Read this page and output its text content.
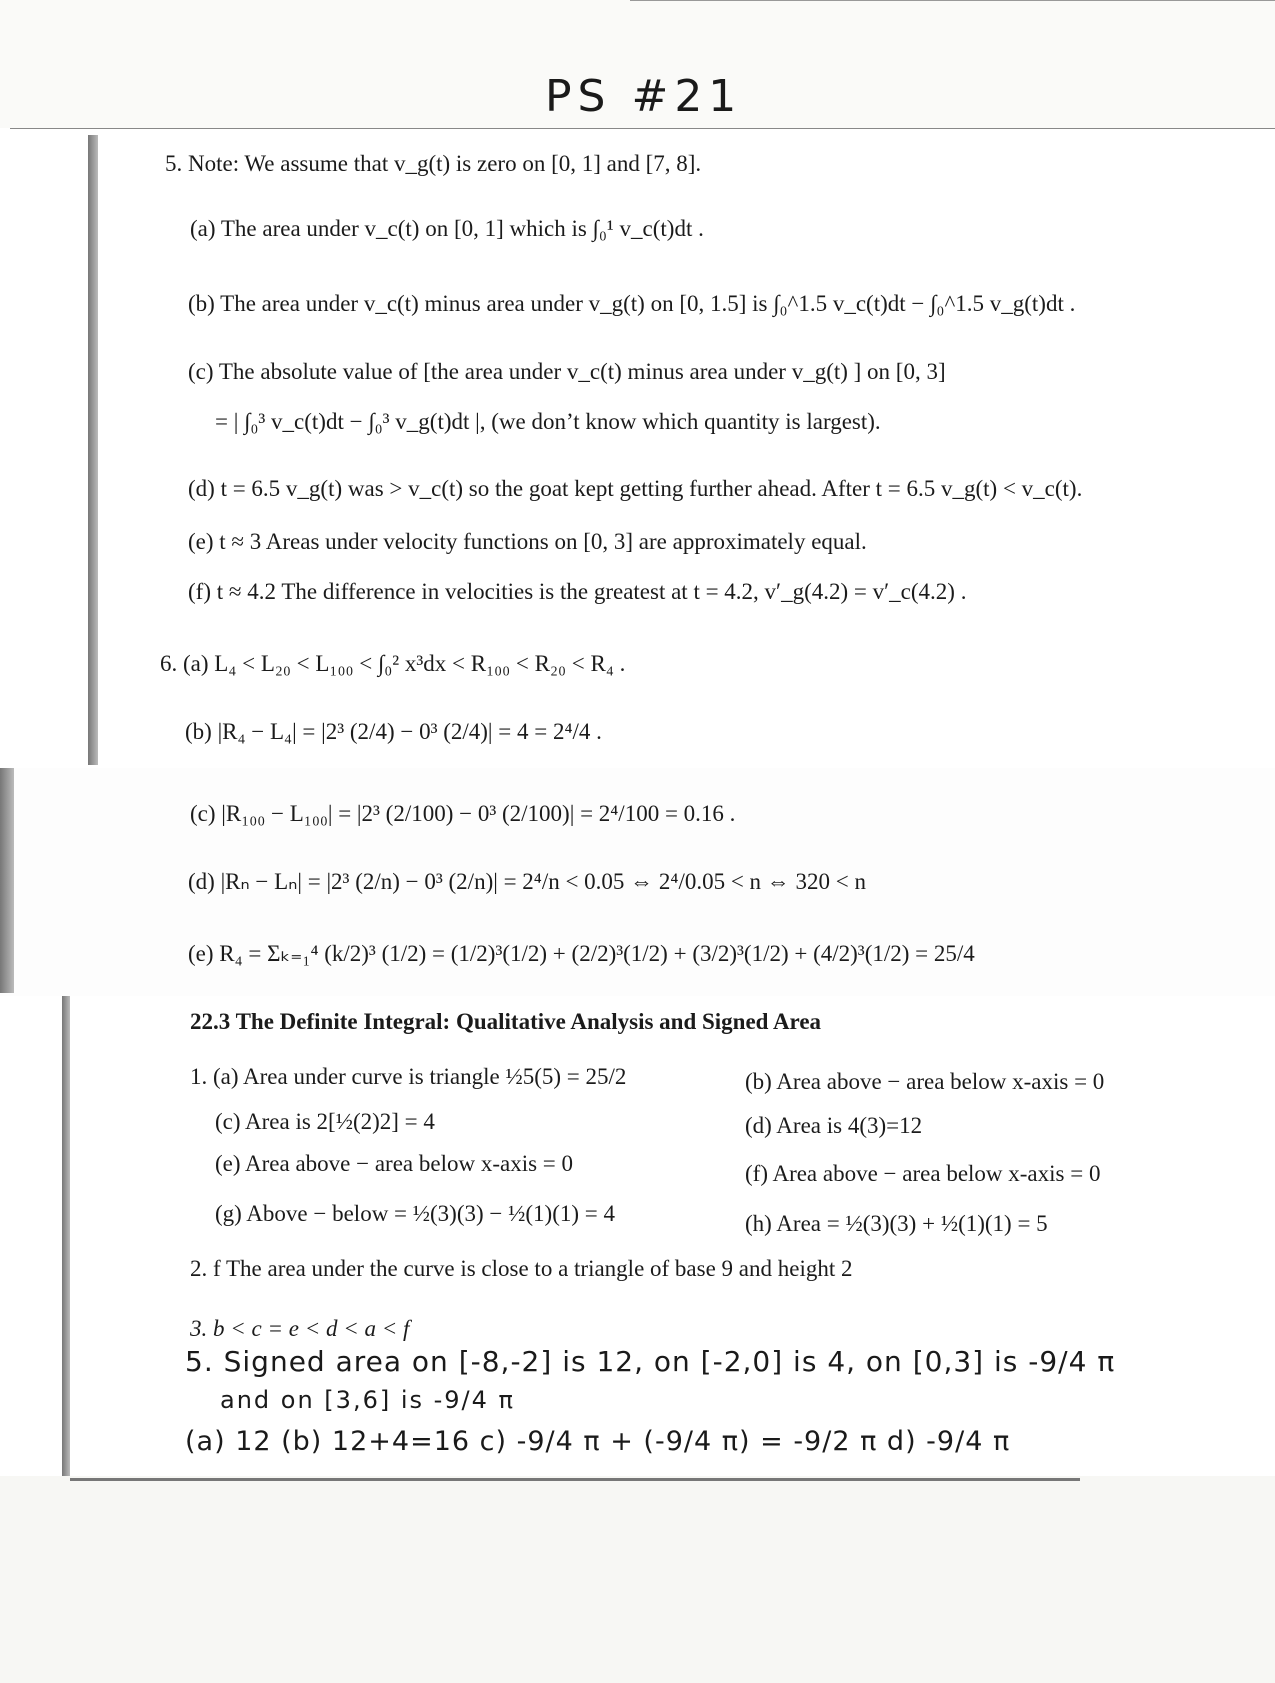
PS #21
5. Note: We assume that v_g(t) is zero on [0, 1] and [7, 8].
(a) The area under v_c(t) on [0, 1] which is ∫₀¹ v_c(t)dt .
(b) The area under v_c(t) minus area under v_g(t) on [0, 1.5] is ∫₀^1.5 v_c(t)dt − ∫₀^1.5 v_g(t)dt .
(c) The absolute value of [the area under v_c(t) minus area under v_g(t) ] on [0, 3]
= | ∫₀³ v_c(t)dt − ∫₀³ v_g(t)dt |, (we don’t know which quantity is largest).
(d) t = 6.5 v_g(t) was > v_c(t) so the goat kept getting further ahead. After t = 6.5 v_g(t) < v_c(t).
(e) t ≈ 3 Areas under velocity functions on [0, 3] are approximately equal.
(f) t ≈ 4.2 The difference in velocities is the greatest at t = 4.2, v′_g(4.2) = v′_c(4.2) .
6. (a) L₄ < L₂₀ < L₁₀₀ < ∫₀² x³dx < R₁₀₀ < R₂₀ < R₄ .
(b) |R₄ − L₄| = |2³ (2/4) − 0³ (2/4)| = 4 = 2⁴/4 .
(c) |R₁₀₀ − L₁₀₀| = |2³ (2/100) − 0³ (2/100)| = 2⁴/100 = 0.16 .
(d) |Rₙ − Lₙ| = |2³ (2/n) − 0³ (2/n)| = 2⁴/n < 0.05 ⇔ 2⁴/0.05 < n ⇔ 320 < n
(e) R₄ = Σₖ₌₁⁴ (k/2)³ (1/2) = (1/2)³(1/2) + (2/2)³(1/2) + (3/2)³(1/2) + (4/2)³(1/2) = 25/4
22.3 The Definite Integral: Qualitative Analysis and Signed Area
1. (a) Area under curve is triangle ½5(5) = 25/2	(b) Area above − area below x-axis = 0
(c) Area is 2[½(2)2] = 4	(d) Area is 4(3)=12
(e) Area above − area below x-axis = 0	(f) Area above − area below x-axis = 0
(g) Above − below = ½(3)(3) − ½(1)(1) = 4	(h) Area = ½(3)(3) + ½(1)(1) = 5
2. f The area under the curve is close to a triangle of base 9 and height 2
3. b < c = e < d < a < f
5. Signed area on [-8,-2] is 12, on [-2,0] is 4, on [0,3] is -9/4 π
and on [3,6] is -9/4 π
(a) 12 (b) 12+4=16 c) -9/4 π + (-9/4 π) = -9/2 π d) -9/4 π
